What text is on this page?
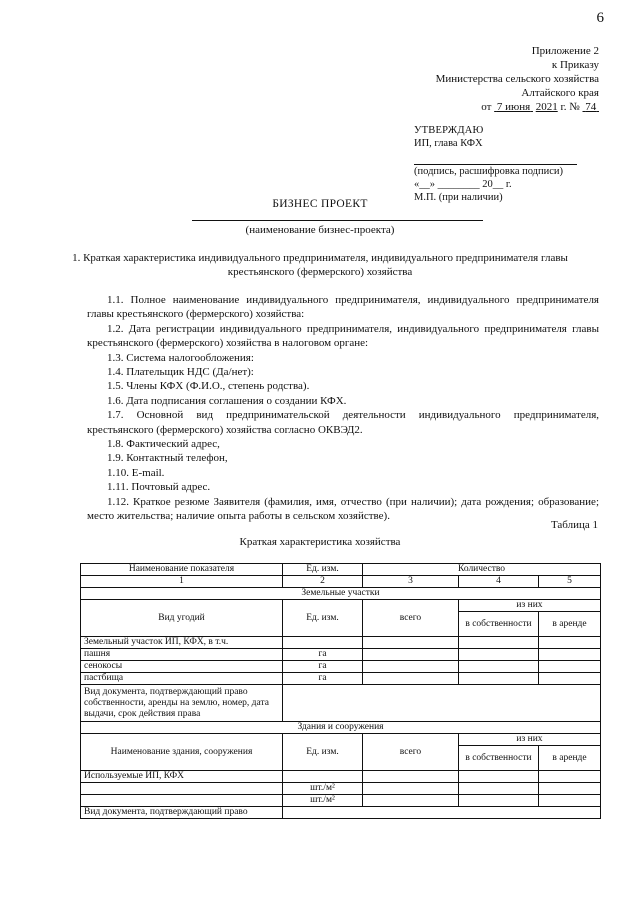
6
Приложение 2
к Приказу
Министерства сельского хозяйства
Алтайского края
от 7 июня 2021 г. № 74
УТВЕРЖДАЮ
ИП, глава КФХ
(подпись, расшифровка подписи)
«__» ________ 20__ г.
М.П. (при наличии)
БИЗНЕС ПРОЕКТ
(наименование бизнес-проекта)
1. Краткая характеристика индивидуального предпринимателя, индивидуального предпринимателя главы крестьянского (фермерского) хозяйства

1.1. Полное наименование индивидуального предпринимателя, индивидуального предпринимателя главы крестьянского (фермерского) хозяйства:

1.2. Дата регистрации индивидуального предпринимателя, индивидуального предпринимателя главы крестьянского (фермерского) хозяйства в налоговом органе:

1.3. Система налогообложения:

1.4. Плательщик НДС (Да/нет):

1.5. Члены КФХ (Ф.И.О., степень родства).

1.6. Дата подписания соглашения о создании КФХ.

1.7. Основной вид предпринимательской деятельности индивидуального предпринимателя, крестьянского (фермерского) хозяйства согласно ОКВЭД2.

1.8. Фактический адрес,

1.9. Контактный телефон,

1.10. E-mail.

1.11. Почтовый адрес.

1.12. Краткое резюме Заявителя (фамилия, имя, отчество (при наличии); дата рождения; образование; место жительства; наличие опыта работы в сельском хозяйстве).

Таблица 1
Краткая характеристика хозяйства
Наименование показателя	Ед. изм.	Количество		
1	2	3	4	5
Земельные участки				
Вид угодий	Ед. изм.	всего	из них	
			в собственности	в аренде
Земельный участок ИП, КФХ, в т.ч.				
пашня	га			
сенокосы	га			
пастбища	га			
Вид документа, подтверждающий право собственности, аренды на землю, номер, дата выдачи, срок действия права				
Здания и сооружения				
Наименование здания, сооружения	Ед. изм.	всего	из них	
			в собственности	в аренде
Используемые ИП, КФХ				
	шт./м²			
	шт./м²			
Вид документа, подтверждающий право				
